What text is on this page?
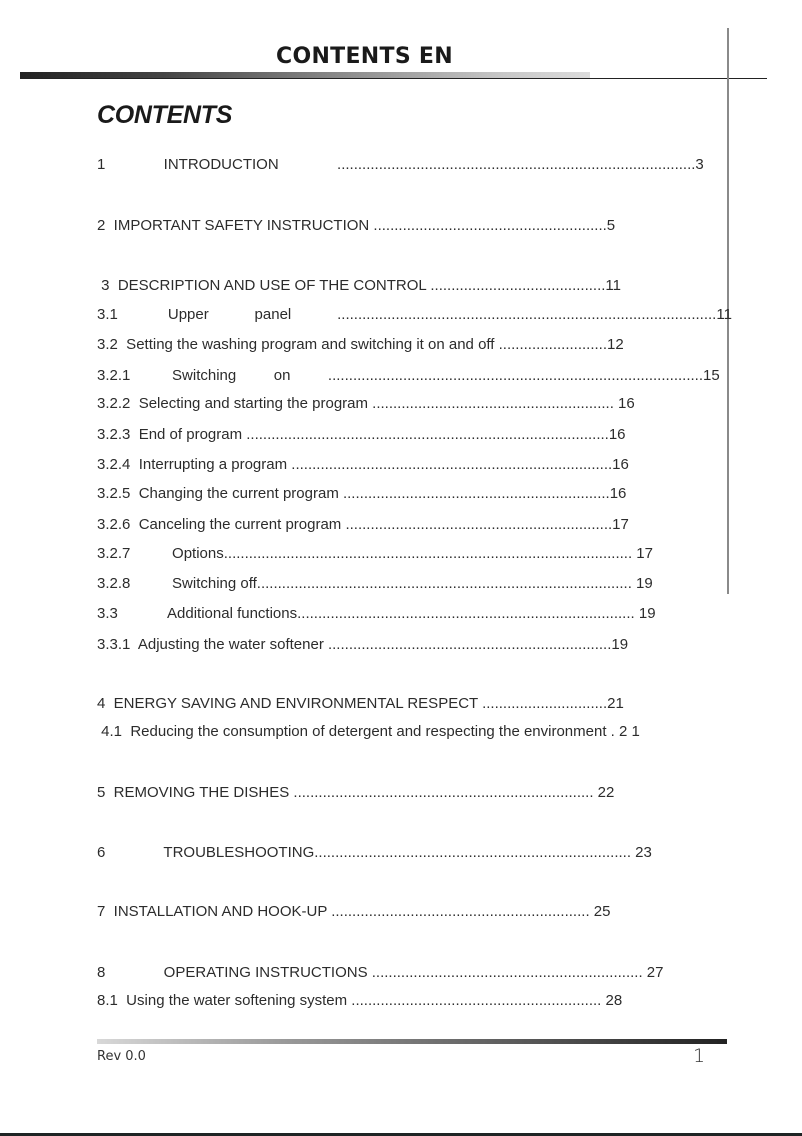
CONTENTS EN
CONTENTS
1              INTRODUCTION              ......................................................................................3
2  IMPORTANT SAFETY INSTRUCTION ........................................................5
3  DESCRIPTION AND USE OF THE CONTROL ..........................................11
3.1            Upper           panel           ...........................................................................................11
3.2  Setting the washing program and switching it on and off ..........................12
3.2.1          Switching         on         ..........................................................................................15
3.2.2  Selecting and starting the program .......................................................... 16
3.2.3  End of program .......................................................................................16
3.2.4  Interrupting a program .............................................................................16
3.2.5  Changing the current program ................................................................16
3.2.6  Canceling the current program ................................................................17
3.2.7          Options.................................................................................................. 17
3.2.8          Switching off.......................................................................................... 19
3.3            Additional functions................................................................................. 19
3.3.1  Adjusting the water softener ....................................................................19
4  ENERGY SAVING AND ENVIRONMENTAL RESPECT ..............................21
4.1  Reducing the consumption of detergent and respecting the environment . 2 1
5  REMOVING THE DISHES ........................................................................ 22
6              TROUBLESHOOTING............................................................................ 23
7  INSTALLATION AND HOOK-UP .............................................................. 25
8              OPERATING INSTRUCTIONS ................................................................. 27
8.1  Using the water softening system ............................................................ 28
Rev 0.0	1
